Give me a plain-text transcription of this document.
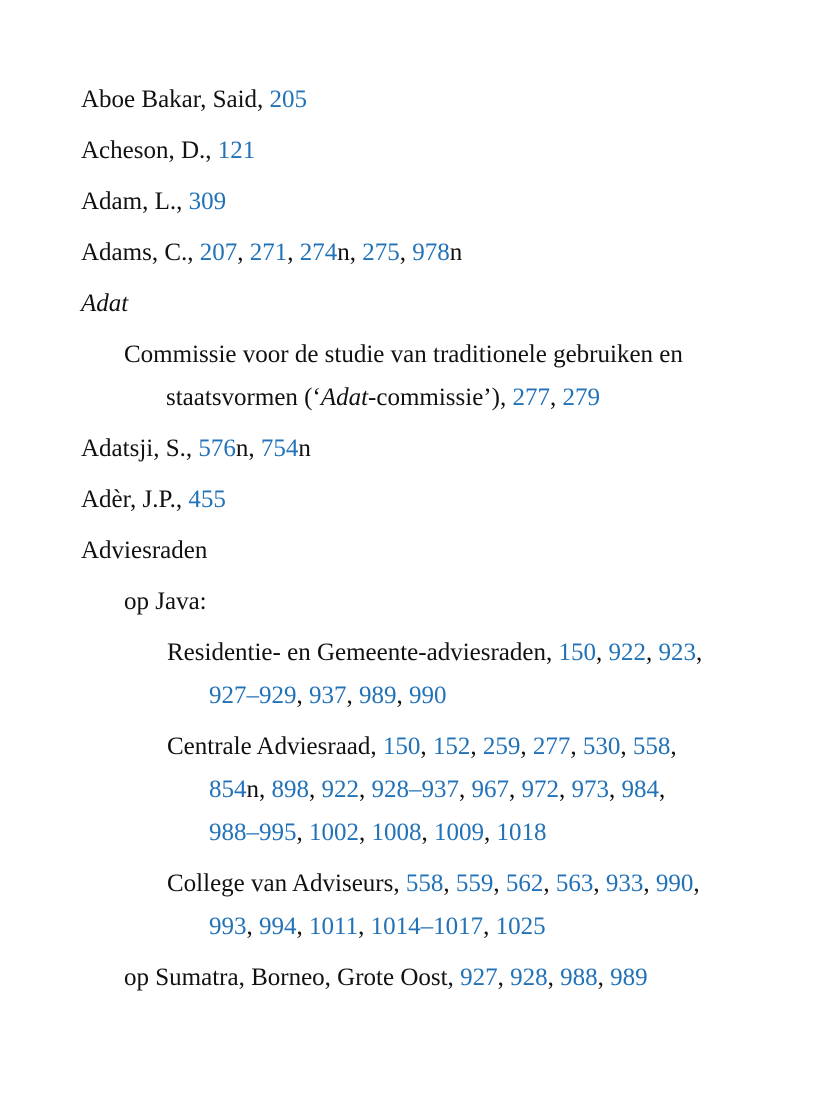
Aboe Bakar, Said, 205
Acheson, D., 121
Adam, L., 309
Adams, C., 207, 271, 274n, 275, 978n
Adat
Commissie voor de studie van traditionele gebruiken en
staatsvormen (‘Adat-commissie’), 277, 279
Adatsji, S., 576n, 754n
Adèr, J.P., 455
Adviesraden
op Java:
Residentie- en Gemeente-adviesraden, 150, 922, 923,
927–929, 937, 989, 990
Centrale Adviesraad, 150, 152, 259, 277, 530, 558,
854n, 898, 922, 928–937, 967, 972, 973, 984,
988–995, 1002, 1008, 1009, 1018
College van Adviseurs, 558, 559, 562, 563, 933, 990,
993, 994, 1011, 1014–1017, 1025
op Sumatra, Borneo, Grote Oost, 927, 928, 988, 989
